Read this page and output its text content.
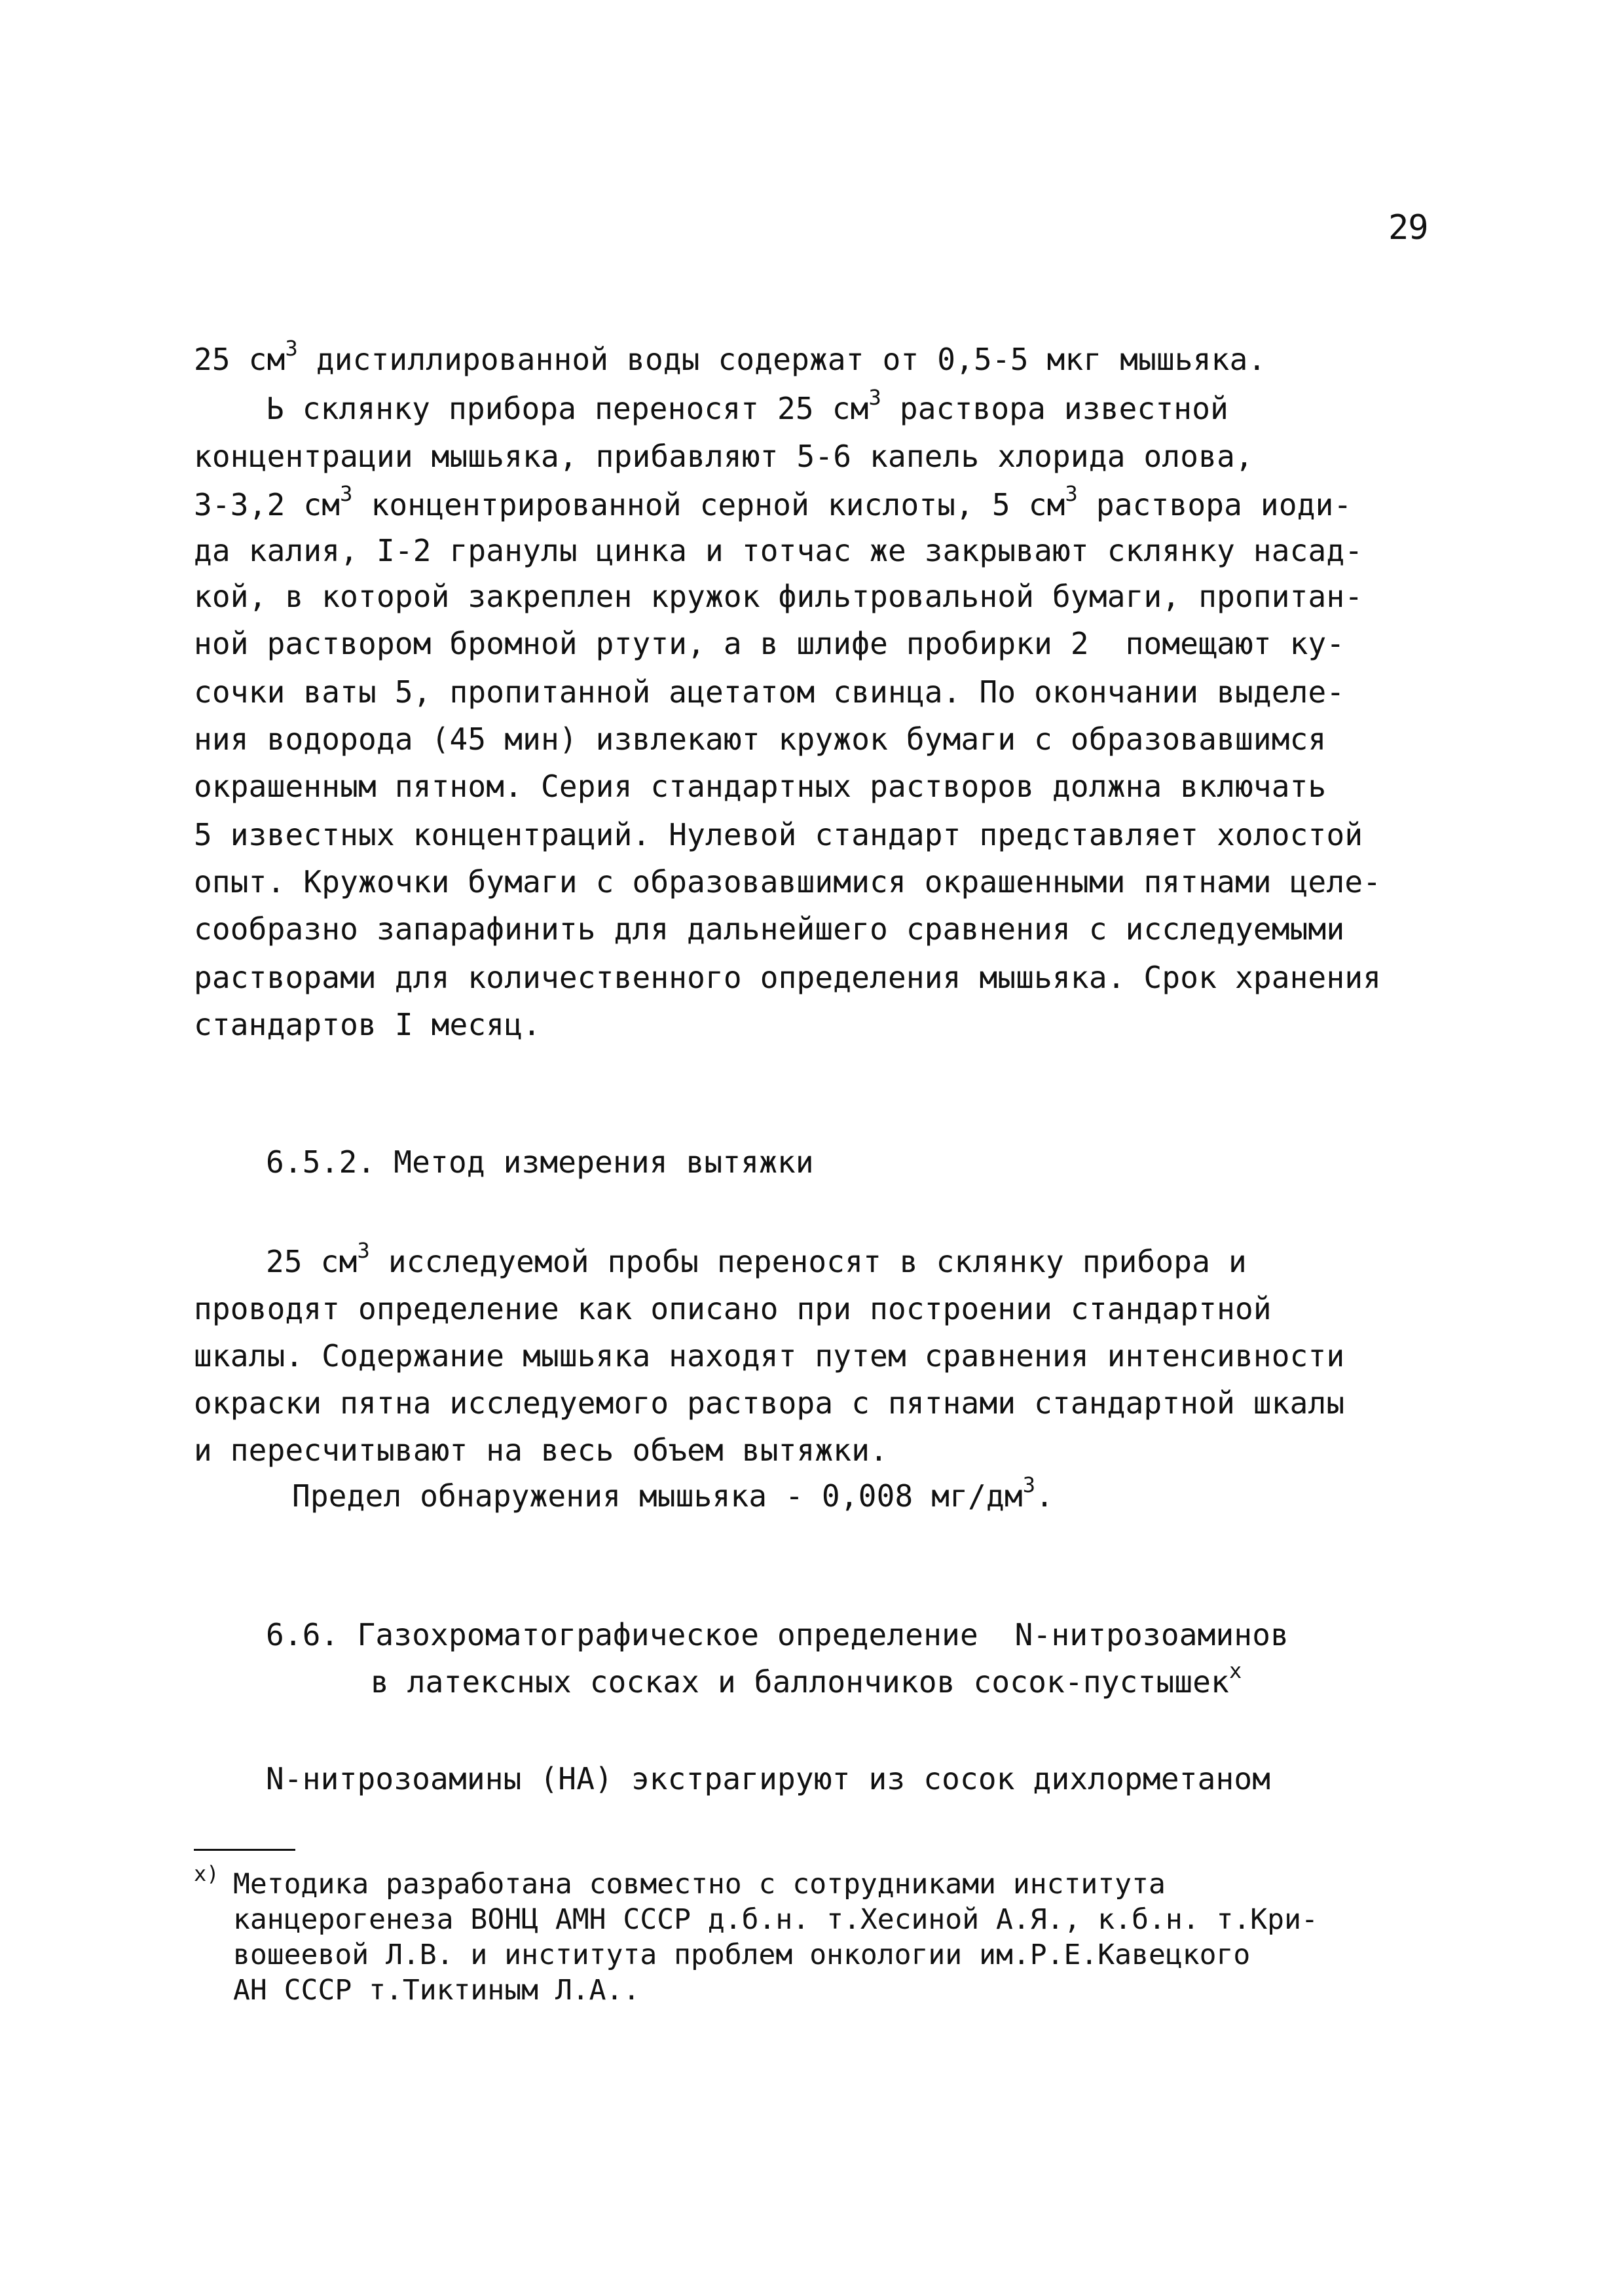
29
25 $см^3$ дистиллированной воды содержат от 0,5-5 мкг мышьяка.
Ь склянку прибора переносят 25 $см^3$ раствора известной
концентрации мышьяка, прибавляют 5-6 капель хлорида олова,
3-3,2 $см^3$ концентрированной серной кислоты, 5 $см^3$ раствора иоди-
да калия, I-2 гранулы цинка и тотчас же закрывают склянку насад-
кой, в которой закреплен кружок фильтровальной бумаги, пропитан-
ной раствором бромной ртути, а в шлифе пробирки 2  помещают ку-
сочки ваты 5, пропитанной ацетатом свинца. По окончании выделе-
ния водорода (45 мин) извлекают кружок бумаги с образовавшимся
окрашенным пятном. Серия стандартных растворов должна включать
5 известных концентраций. Нулевой стандарт представляет холостой
опыт. Кружочки бумаги с образовавшимися окрашенными пятнами целе-
сообразно запарафинить для дальнейшего сравнения с исследуемыми
растворами для количественного определения мышьяка. Срок хранения
стандартов I месяц.
6.5.2. Метод измерения вытяжки
25 $см^3$ исследуемой пробы переносят в склянку прибора и
проводят определение как описано при построении стандартной
шкалы. Содержание мышьяка находят путем сравнения интенсивности
окраски пятна исследуемого раствора с пятнами стандартной шкалы
и пересчитывают на весь объем вытяжки.
Предел обнаружения мышьяка - 0,008 $мг/дм^3$.
6.6. Газохроматографическое определение  N-нитрозоаминов
в латексных сосках и баллончиков сосок-пустышек$^x$
N-нитрозоамины (НА) экстрагируют из сосок дихлорметаном
x) Методика разработана совместно с сотрудниками института
канцерогенеза ВОНЦ АМН СССР д.б.н. т.Хесиной А.Я., к.б.н. т.Кри-
вошеевой Л.В. и института проблем онкологии им.Р.Е.Кавецкого
АН СССР т.Тиктиным Л.А..
